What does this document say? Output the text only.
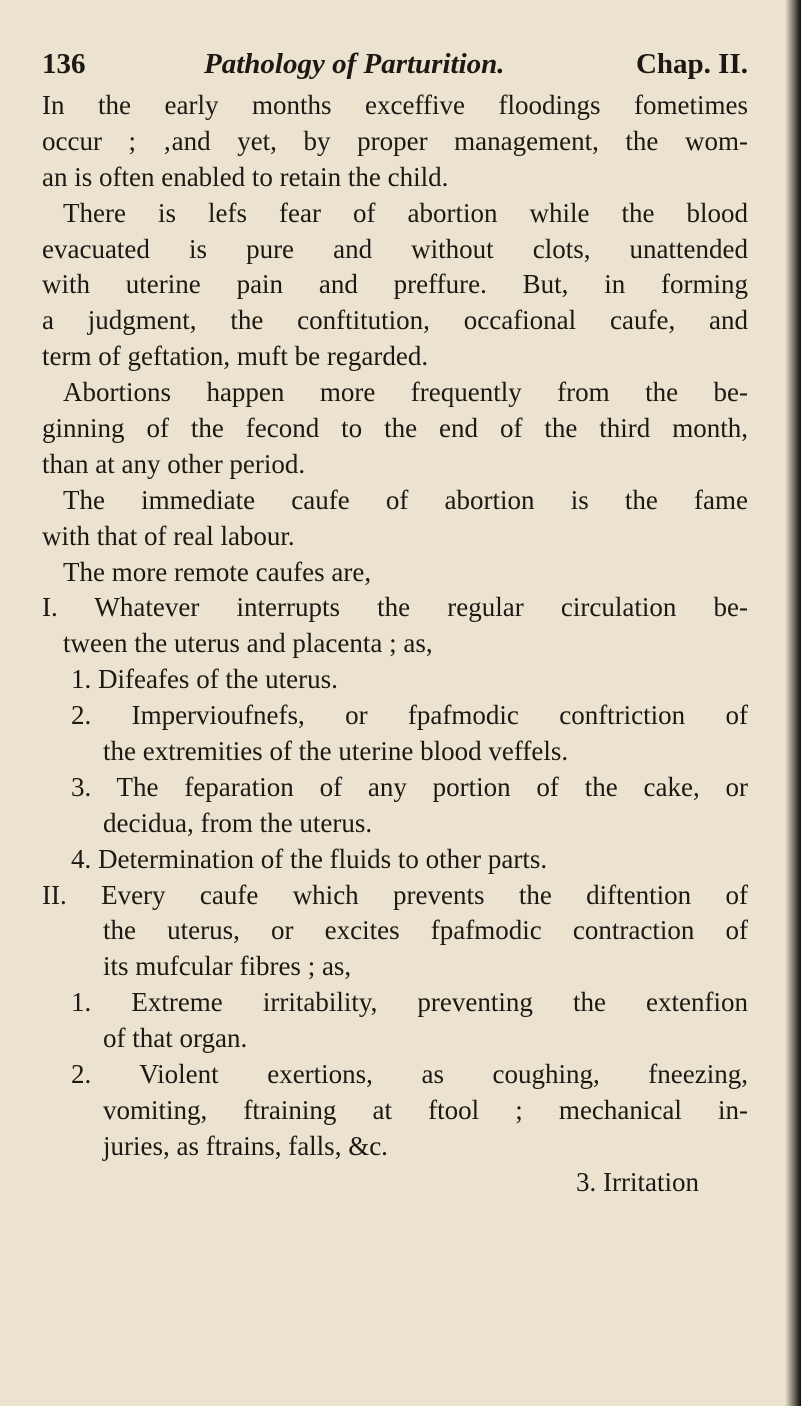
136	Pathology of Parturition.	Chap. II.
In the early months exceffive floodings fometimes
occur ; ‚and yet, by proper management, the wom-
an is often enabled to retain the child.
There is lefs fear of abortion while the blood
evacuated is pure and without clots, unattended
with uterine pain and preffure. But, in forming
a judgment, the conftitution, occafional caufe, and
term of geftation, muft be regarded.
Abortions happen more frequently from the be-
ginning of the fecond to the end of the third month,
than at any other period.
The immediate caufe of abortion is the fame
with that of real labour.
The more remote caufes are,
I. Whatever interrupts the regular circulation be-
tween the uterus and placenta ; as,
1. Difeafes of the uterus.
2. Imperviоufnefs, or fpafmodic conftriction of
the extremities of the uterine blood veffels.
3. The feparation of any portion of the cake, or
decidua, from the uterus.
4. Determination of the fluids to other parts.
II. Every caufe which prevents the diftention of
the uterus, or excites fpafmodic contraction of
its mufcular fibres ; as,
1. Extreme irritability, preventing the extenfion
of that organ.
2. Violent exertions, as coughing, fneezing,
vomiting, ftraining at ftool ; mechanical in-
juries, as ftrains, falls, &c.
3. Irritation
